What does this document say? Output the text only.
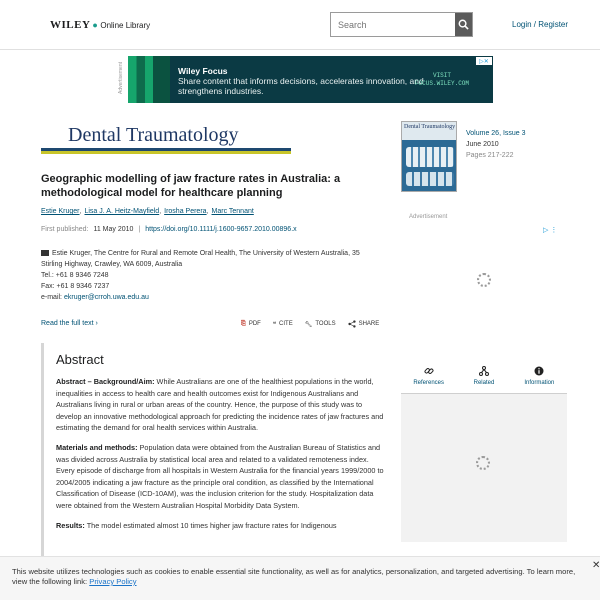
WILEY ● Online Library
Search	Login / Register
Advertisement	Wiley Focus
Share content that informs decisions, accelerates innovation, and strengthens industries.
VISIT
FOCUS.WILEY.COM
▷✕
Dental Traumatology	Dental Traumatology
Volume 26, Issue 3
June 2010
Pages 217-222
Geographic modelling of jaw fracture rates in Australia: a methodological model for healthcare planning
Estie Kruger , Lisa J. A. Heitz-Mayfield , Iroshа Perera , Marc Tennant
First published: 11 May 2010 | https://doi.org/10.1111/j.1600-9657.2010.00896.x
Estie Kruger, The Centre for Rural and Remote Oral Health, The University of Western Australia, 35
Stirling Highway, Crawley, WA 6009, Australia
Tel.: +61 8 9346 7248
Fax: +61 8 9346 7237
e-mail: ekruger@crroh.uwa.edu.au
Read the full text ›	⎘ PDF ❝ CITE 🔧︎ TOOLS	SHARE
Abstract

Abstract – Background/Aim: While Australians are one of the healthiest populations in the world, inequalities in access to health care and health outcomes exist for Indigenous Australians and Australians living in rural or urban areas of the country. Hence, the purpose of this study was to develop an innovative methodological approach for predicting the incidence rates of jaw fractures and estimating the demand for oral health services within Australia.

Materials and methods: Population data were obtained from the Australian Bureau of Statistics and was divided across Australia by statistical local area and related to a validated remoteness index. Every episode of discharge from all hospitals in Western Australia for the financial years 1999/2000 to 2004/2005 indicating a jaw fracture as the principle oral condition, as classified by the International Classification of Disease (ICD-10AM), was the inclusion criterion for the study. Hospitalization data were obtained from the Western Australian Hospital Morbidity Data System.

Results: The model estimated almost 10 times higher jaw fracture rates for Indigenous

Advertisement
▷ ⋮
References	Related	Information
This website utilizes technologies such as cookies to enable essential site functionality, as well as for analytics, personalization, and targeted advertising. To learn more, view the following link: Privacy Policy
✕
